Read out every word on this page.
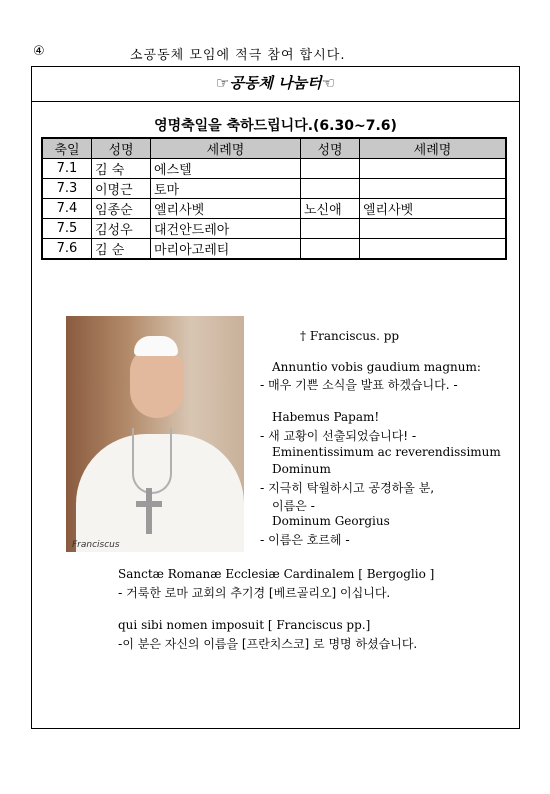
④	소공동체 모임에 적극 참여 합시다.
☞공동체 나눔터☜
영명축일을 축하드립니다.(6.30~7.6)
축일	성명	세례명	성명	세례명
7.1	김 숙	에스텔		
7.3	이명근	토마		
7.4	임종순	엘리사벳	노신애	엘리사벳
7.5	김성우	대건안드레아		
7.6	김 순	마리아고레티		
Franciscus
† Franciscus. pp
Annuntio vobis gaudium magnum:
- 매우 기쁜 소식을 발표 하겠습니다. -
Habemus Papam!
- 새 교황이 선출되었습니다! -
Eminentissimum ac reverendissimum
Dominum
- 지극히 탁월하시고 공경하올 분,
이름은 -
Dominum Georgius
- 이름은 호르헤 -
Sanctæ Romanæ Ecclesiæ Cardinalem [ Bergoglio ]
- 거룩한 로마 교회의 추기경 [베르골리오] 이십니다.
qui sibi nomen imposuit [ Franciscus pp.]
-이 분은 자신의 이름을 [프란치스코] 로 명명 하셨습니다.
